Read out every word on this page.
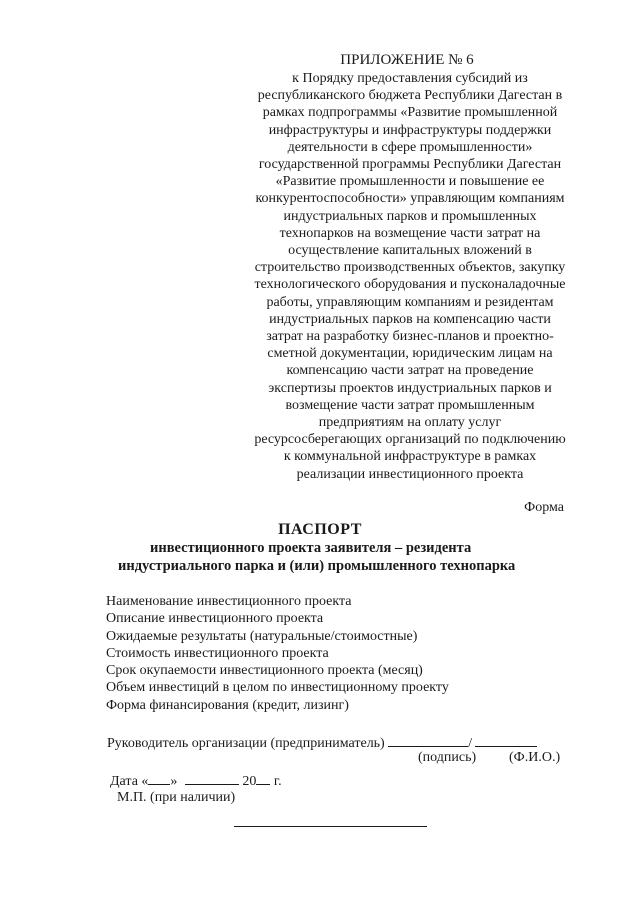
ПРИЛОЖЕНИЕ № 6
к Порядку предоставления субсидий из
республиканского бюджета Республики Дагестан в
рамках подпрограммы «Развитие промышленной
инфраструктуры и инфраструктуры поддержки
деятельности в сфере промышленности»
государственной программы Республики Дагестан
«Развитие промышленности и повышение ее
конкурентоспособности» управляющим компаниям
индустриальных парков и промышленных
технопарков на возмещение части затрат на
осуществление капитальных вложений в
строительство производственных объектов, закупку
технологического оборудования и пусконаладочные
работы, управляющим компаниям и резидентам
индустриальных парков на компенсацию части
затрат на разработку бизнес-планов и проектно-
сметной документации, юридическим лицам на
компенсацию части затрат на проведение
экспертизы проектов индустриальных парков и
возмещение части затрат промышленным
предприятиям на оплату услуг
ресурсосберегающих организаций по подключению
к коммунальной инфраструктуре в рамках
реализации инвестиционного проекта
Форма
ПАСПОРТ
инвестиционного проекта заявителя – резидента
индустриального парка и (или) промышленного технопарка
Наименование инвестиционного проекта
Описание инвестиционного проекта
Ожидаемые результаты (натуральные/стоимостные)
Стоимость инвестиционного проекта
Срок окупаемости инвестиционного проекта (месяц)
Объем инвестиций в целом по инвестиционному проекту
Форма финансирования (кредит, лизинг)
Руководитель организации (предприниматель)	/
(подпись) (Ф.И.О.)
Дата « »	20 г.
М.П. (при наличии)
